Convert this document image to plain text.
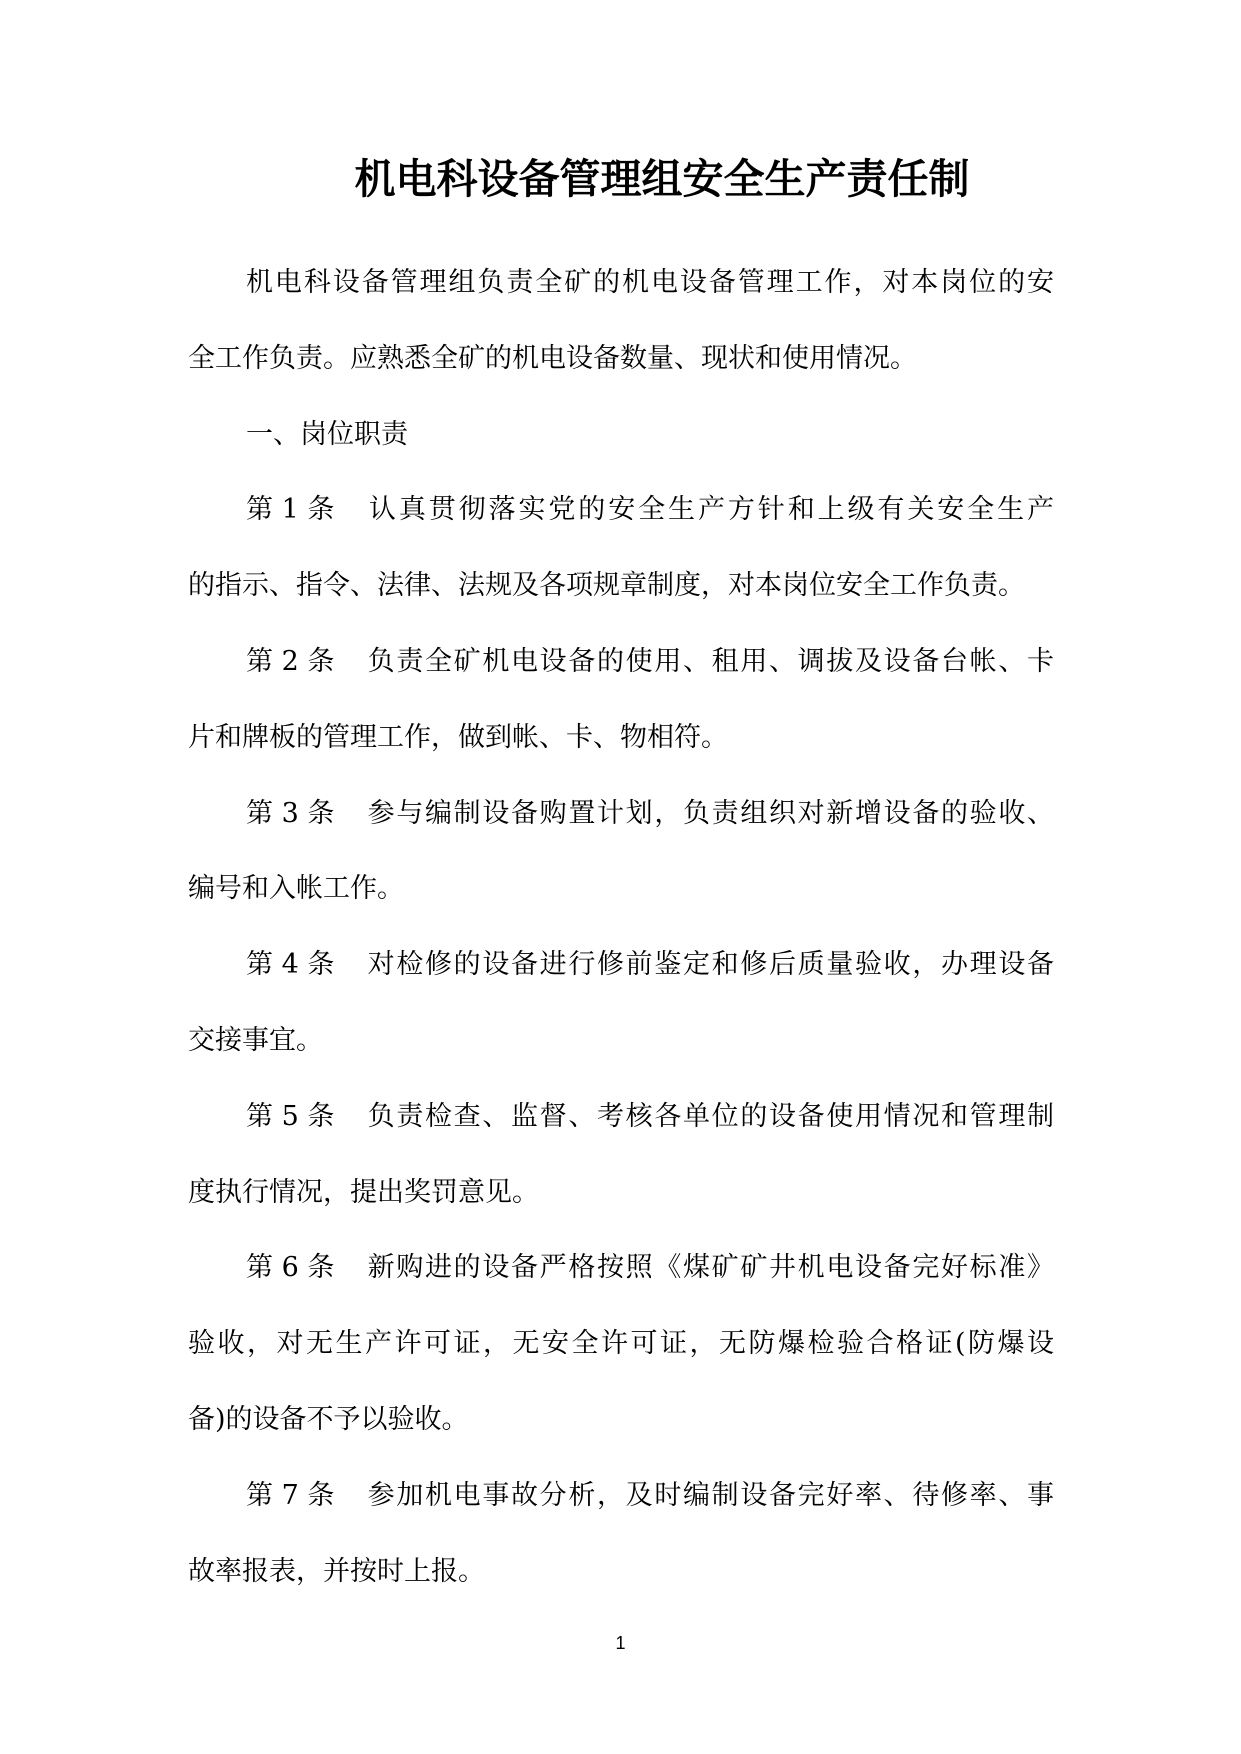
机电科设备管理组安全生产责任制
机电科设备管理组负责全矿的机电设备管理工作，对本岗位的安
全工作负责。应熟悉全矿的机电设备数量、现状和使用情况。
一、岗位职责
第 1 条 认真贯彻落实党的安全生产方针和上级有关安全生产
的指示、指令、法律、法规及各项规章制度，对本岗位安全工作负责。
第 2 条 负责全矿机电设备的使用、租用、调拔及设备台帐、卡
片和牌板的管理工作，做到帐、卡、物相符。
第 3 条 参与编制设备购置计划，负责组织对新增设备的验收、
编号和入帐工作。
第 4 条 对检修的设备进行修前鉴定和修后质量验收，办理设备
交接事宜。
第 5 条 负责检查、监督、考核各单位的设备使用情况和管理制
度执行情况，提出奖罚意见。
第 6 条 新购进的设备严格按照《煤矿矿井机电设备完好标准》
验收，对无生产许可证，无安全许可证，无防爆检验合格证(防爆设
备)的设备不予以验收。
第 7 条 参加机电事故分析，及时编制设备完好率、待修率、事
故率报表，并按时上报。
1
